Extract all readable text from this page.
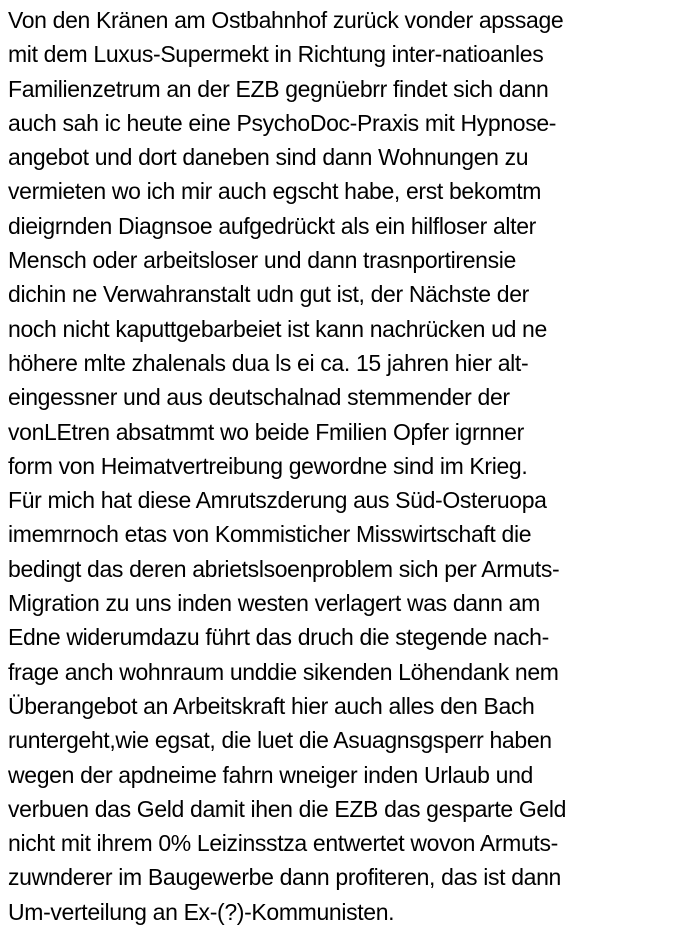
Von den Kränen am Ostbahnhof zurück vonder apssage
mit dem Luxus-Supermekt in Richtung inter-natioanles
Familienzetrum an der EZB gegnüebrr findet sich dann
auch sah ic heute eine PsychoDoc-Praxis mit Hypnose-
angebot und dort daneben sind dann Wohnungen zu
vermieten wo ich mir auch egscht habe, erst bekomtm
dieigrnden Diagnsoe aufgedrückt als ein hilfloser alter
Mensch oder arbeitsloser und dann trasnportirensie
dichin ne Verwahranstalt udn gut ist, der Nächste der
noch nicht kaputtgebarbeiet ist kann nachrücken ud ne
höhere mlte zhalenals dua ls ei ca. 15 jahren hier alt-
eingessner und aus deutschalnad stemmender der
vonLEtren absatmmt wo beide Fmilien Opfer igrnner
form von Heimatvertreibung gewordne sind im Krieg.
Für mich hat diese Amrutszderung aus Süd-Osteruopa
imemrnoch etas von Kommisticher Misswirtschaft die
bedingt das deren abrietslsoenproblem sich per Armuts-
Migration zu uns inden westen verlagert was dann am
Edne widerumdazu führt das druch die stegende nach-
frage anch wohnraum unddie sikenden Löhendank nem
Überangebot an Arbeitskraft hier auch alles den Bach
runtergeht,wie egsat, die luet die Asuagnsgsperr haben
wegen der apdneime fahrn wneiger inden Urlaub und
verbuen das Geld damit ihen die EZB das gesparte Geld
nicht mit ihrem 0% Leizinsstza entwertet wovon Armuts-
zuwnderer im Baugewerbe dann profiteren, das ist dann
Um-verteilung an Ex-(?)-Kommunisten.
